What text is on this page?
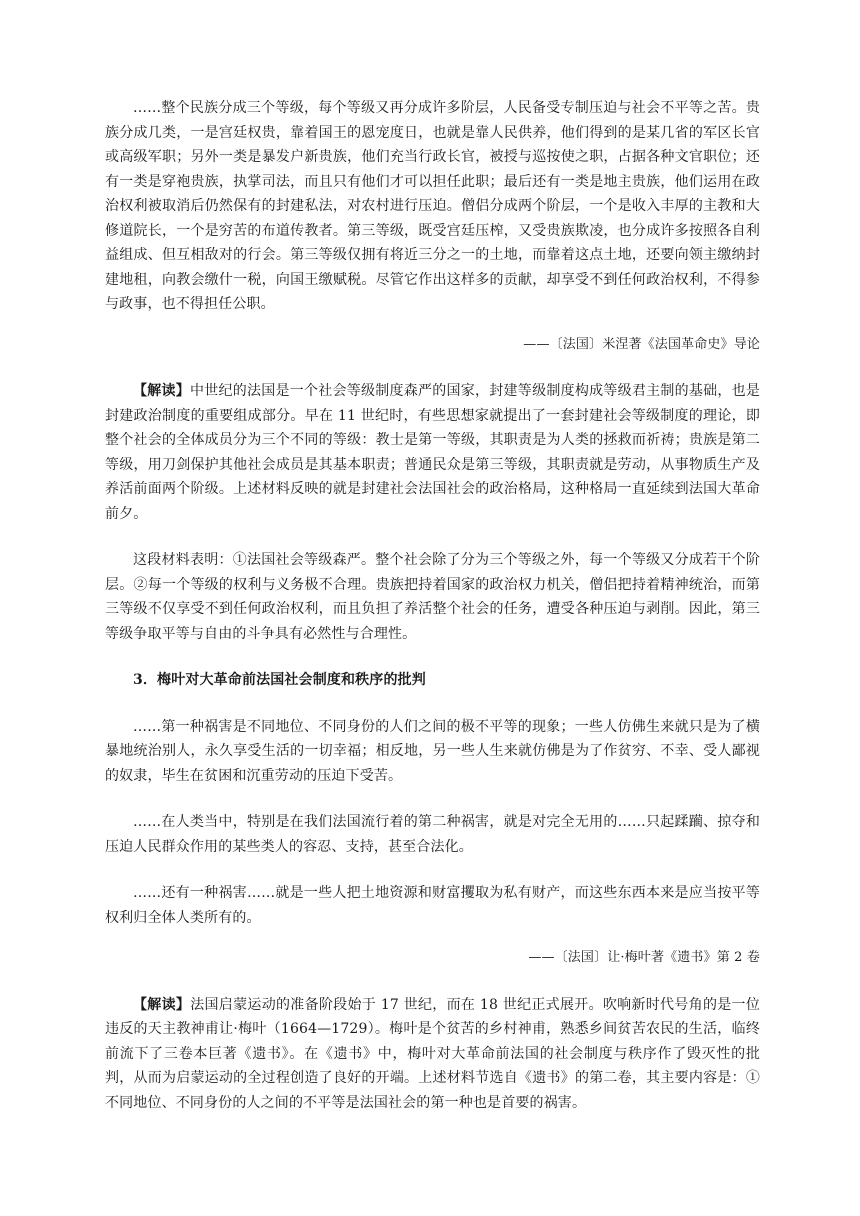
……整个民族分成三个等级，每个等级又再分成许多阶层，人民备受专制压迫与社会不平等之苦。贵族分成几类，一是宫廷权贵，靠着国王的恩宠度日，也就是靠人民供养，他们得到的是某几省的军区长官或高级军职；另外一类是暴发户新贵族，他们充当行政长官，被授与巡按使之职，占据各种文官职位；还有一类是穿袍贵族，执掌司法，而且只有他们才可以担任此职；最后还有一类是地主贵族，他们运用在政治权利被取消后仍然保有的封建私法，对农村进行压迫。僧侣分成两个阶层，一个是收入丰厚的主教和大修道院长，一个是穷苦的布道传教者。第三等级，既受宫廷压榨，又受贵族欺凌，也分成许多按照各自利益组成、但互相敌对的行会。第三等级仅拥有将近三分之一的土地，而靠着这点土地，还要向领主缴纳封建地租，向教会缴什一税，向国王缴赋税。尽管它作出这样多的贡献，却享受不到任何政治权利，不得参与政事，也不得担任公职。

——〔法国〕米涅著《法国革命史》导论

【解读】中世纪的法国是一个社会等级制度森严的国家，封建等级制度构成等级君主制的基础，也是封建政治制度的重要组成部分。早在 11 世纪时，有些思想家就提出了一套封建社会等级制度的理论，即整个社会的全体成员分为三个不同的等级：教士是第一等级，其职责是为人类的拯救而祈祷；贵族是第二等级，用刀剑保护其他社会成员是其基本职责；普通民众是第三等级，其职责就是劳动，从事物质生产及养活前面两个阶级。上述材料反映的就是封建社会法国社会的政治格局，这种格局一直延续到法国大革命前夕。

这段材料表明：①法国社会等级森严。整个社会除了分为三个等级之外，每一个等级又分成若干个阶层。②每一个等级的权利与义务极不合理。贵族把持着国家的政治权力机关，僧侣把持着精神统治，而第三等级不仅享受不到任何政治权利，而且负担了养活整个社会的任务，遭受各种压迫与剥削。因此，第三等级争取平等与自由的斗争具有必然性与合理性。

3．梅叶对大革命前法国社会制度和秩序的批判

……第一种祸害是不同地位、不同身份的人们之间的极不平等的现象；一些人仿佛生来就只是为了横暴地统治别人，永久享受生活的一切幸福；相反地，另一些人生来就仿佛是为了作贫穷、不幸、受人鄙视的奴隶，毕生在贫困和沉重劳动的压迫下受苦。

……在人类当中，特别是在我们法国流行着的第二种祸害，就是对完全无用的……只起蹂躏、掠夺和压迫人民群众作用的某些类人的容忍、支持，甚至合法化。

……还有一种祸害……就是一些人把土地资源和财富攫取为私有财产，而这些东西本来是应当按平等权利归全体人类所有的。

——〔法国〕让·梅叶著《遗书》第 2 卷

【解读】法国启蒙运动的准备阶段始于 17 世纪，而在 18 世纪正式展开。吹响新时代号角的是一位违反的天主教神甫让·梅叶（1664—1729）。梅叶是个贫苦的乡村神甫，熟悉乡间贫苦农民的生活，临终前流下了三卷本巨著《遗书》。在《遗书》中，梅叶对大革命前法国的社会制度与秩序作了毁灭性的批判，从而为启蒙运动的全过程创造了良好的开端。上述材料节选自《遗书》的第二卷，其主要内容是：①不同地位、不同身份的人之间的不平等是法国社会的第一种也是首要的祸害。
